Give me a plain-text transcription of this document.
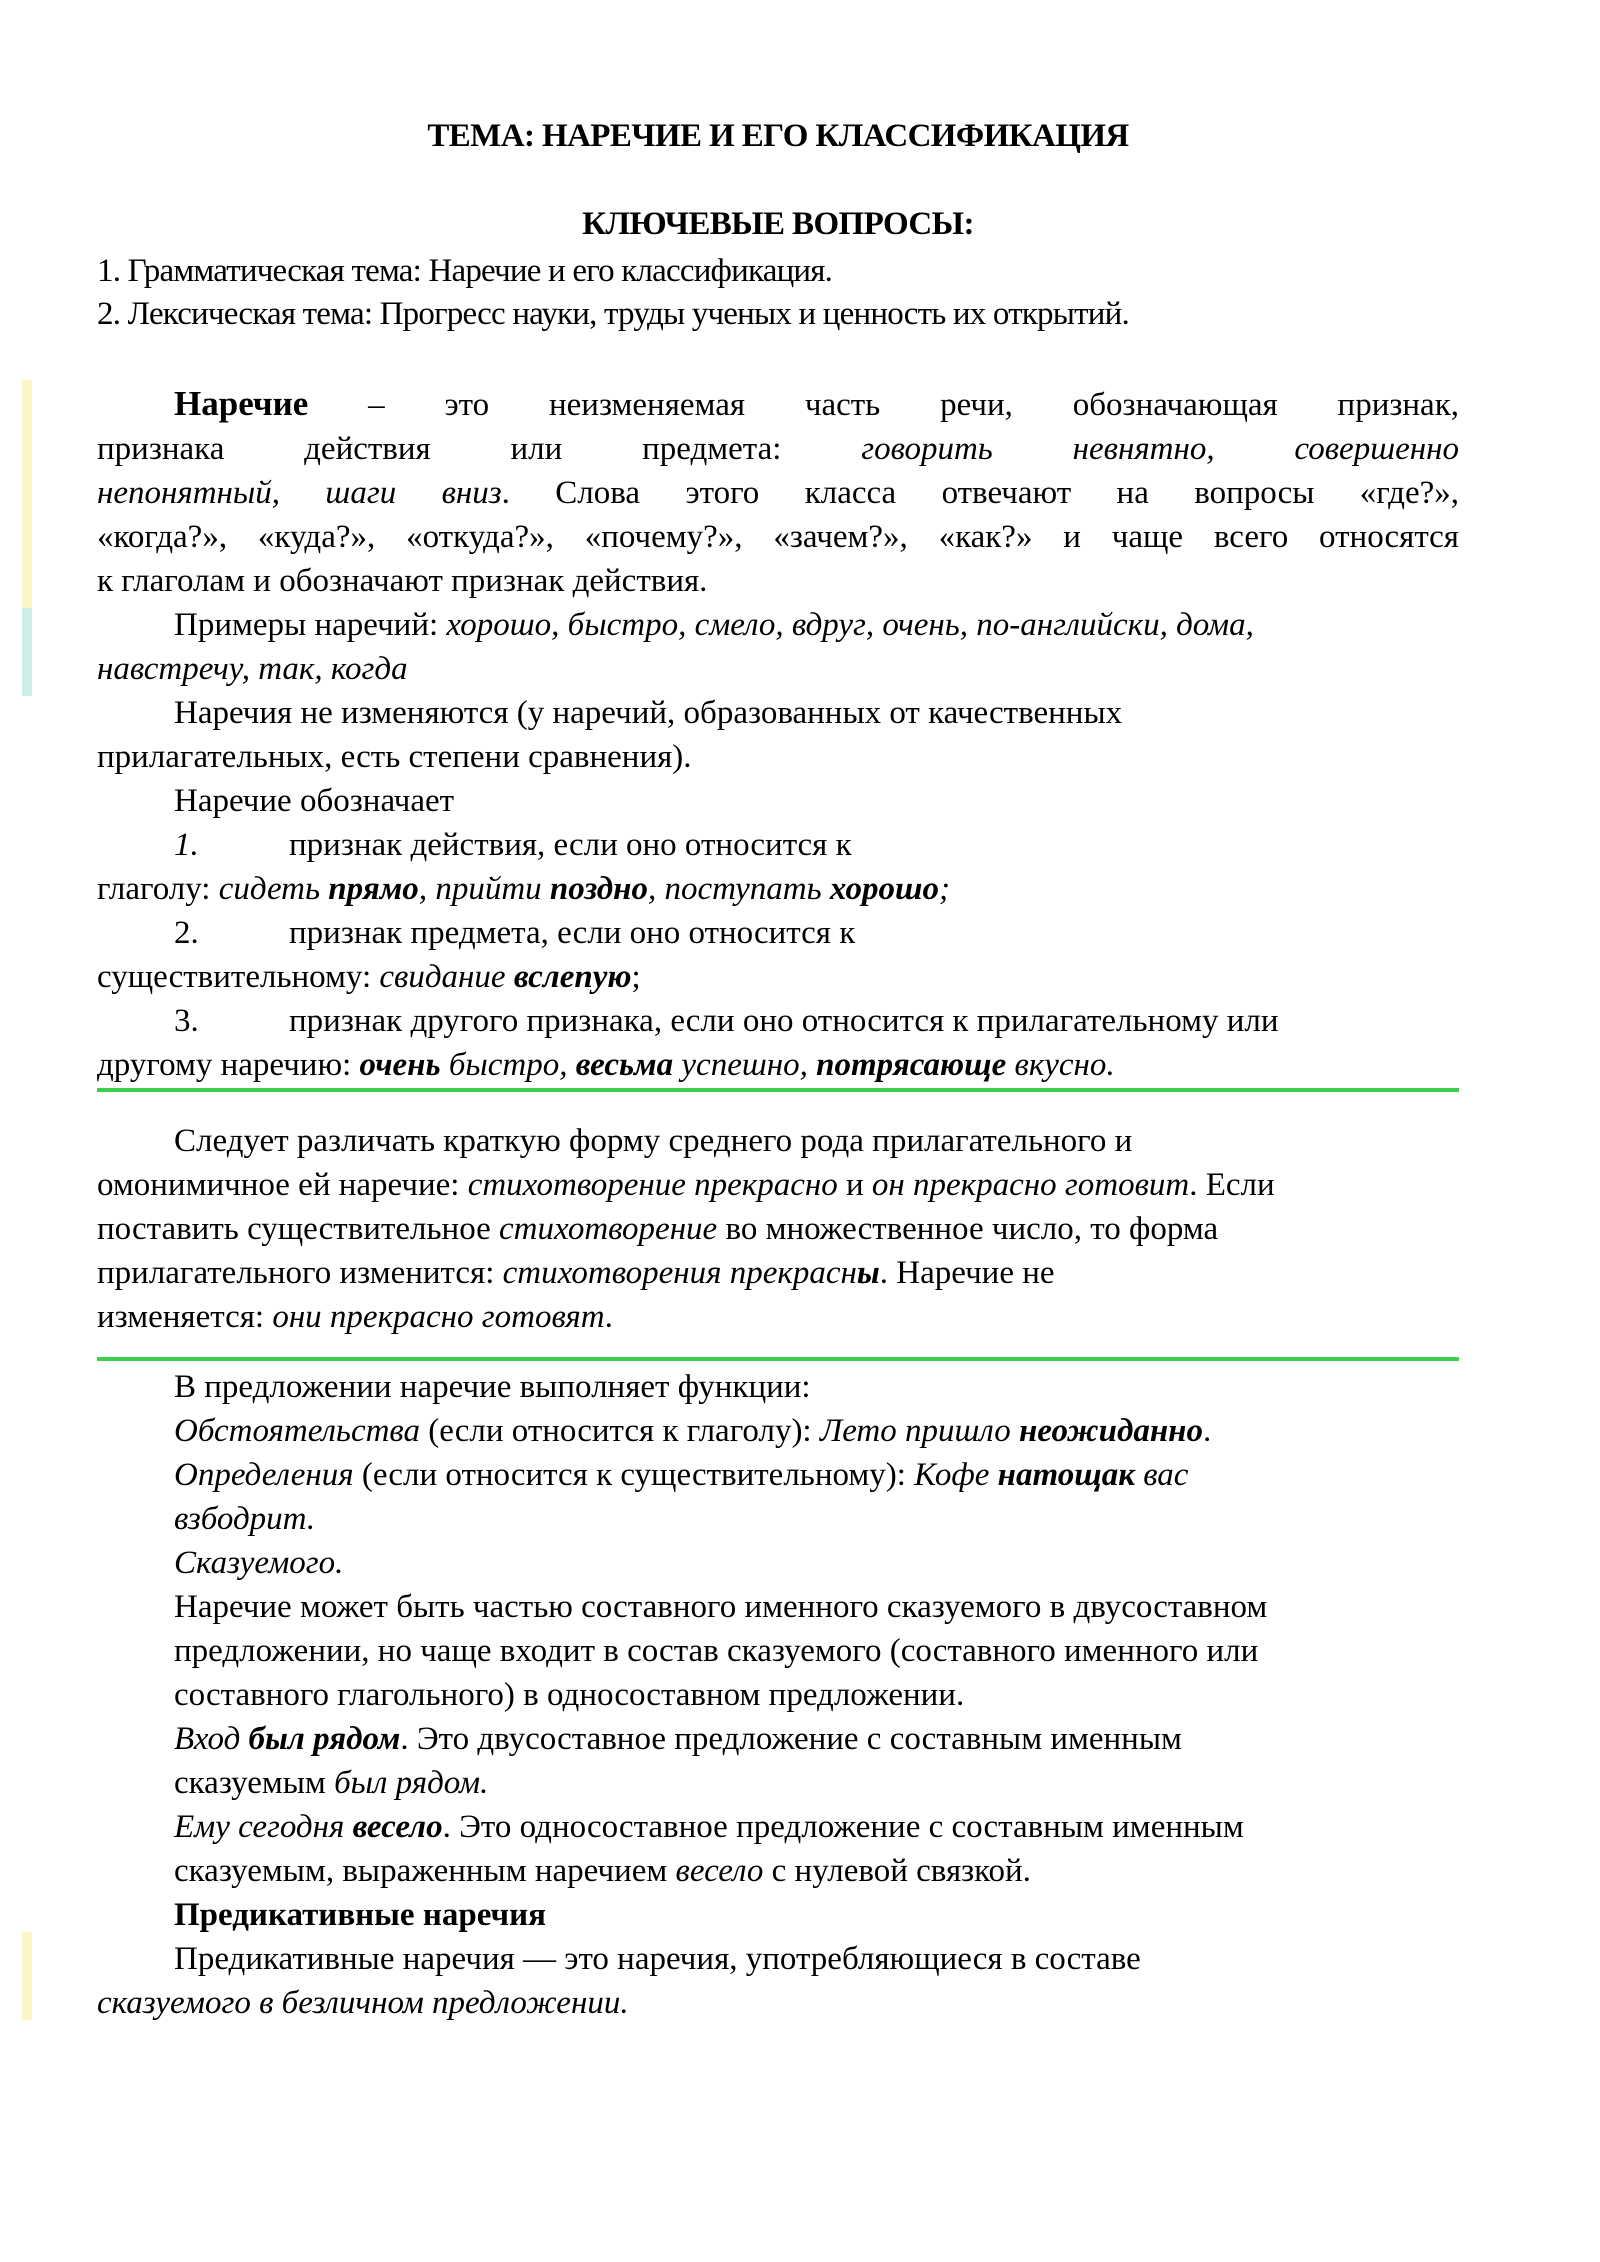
ТЕМА: НАРЕЧИЕ И ЕГО КЛАССИФИКАЦИЯ
КЛЮЧЕВЫЕ ВОПРОСЫ:
1. Грамматическая тема: Наречие и его классификация.
2. Лексическая тема: Прогресс науки, труды ученых и ценность их открытий.
Наречие – это неизменяемая часть речи, обозначающая признак,
признака действия или предмета: говорить невнятно, совершенно
непонятный, шаги вниз. Слова этого класса отвечают на вопросы «где?»,
«когда?», «куда?», «откуда?», «почему?», «зачем?», «как?» и чаще всего относятся
к глаголам и обозначают признак действия.
Примеры наречий: хорошо, быстро, смело, вдруг, очень, по-английски, дома,
навстречу, так, когда
Наречия не изменяются (у наречий, образованных от качественных
прилагательных, есть степени сравнения).
Наречие обозначает
1.	признак действия, если оно относится к
глаголу: сидеть прямо, прийти поздно, поступать хорошо;
2.	признак предмета, если оно относится к
существительному: свидание вслепую;
3.	признак другого признака, если оно относится к прилагательному или
другому наречию: очень быстро, весьма успешно, потрясающе вкусно.
Следует различать краткую форму среднего рода прилагательного и
омонимичное ей наречие: стихотворение прекрасно и он прекрасно готовит. Если
поставить существительное стихотворение во множественное число, то форма
прилагательного изменится: стихотворения прекрасны. Наречие не
изменяется: они прекрасно готовят.
В предложении наречие выполняет функции:
Обстоятельства (если относится к глаголу): Лето пришло неожиданно.
Определения (если относится к существительному): Кофе натощак вас
взбодрит.
Сказуемого.
Наречие может быть частью составного именного сказуемого в двусоставном
предложении, но чаще входит в состав сказуемого (составного именного или
составного глагольного) в односоставном предложении.
Вход был рядом. Это двусоставное предложение с составным именным
сказуемым был рядом.
Ему сегодня весело. Это односоставное предложение с составным именным
сказуемым, выраженным наречием весело с нулевой связкой.
Предикативные наречия
Предикативные наречия — это наречия, употребляющиеся в составе
сказуемого в безличном предложении.
